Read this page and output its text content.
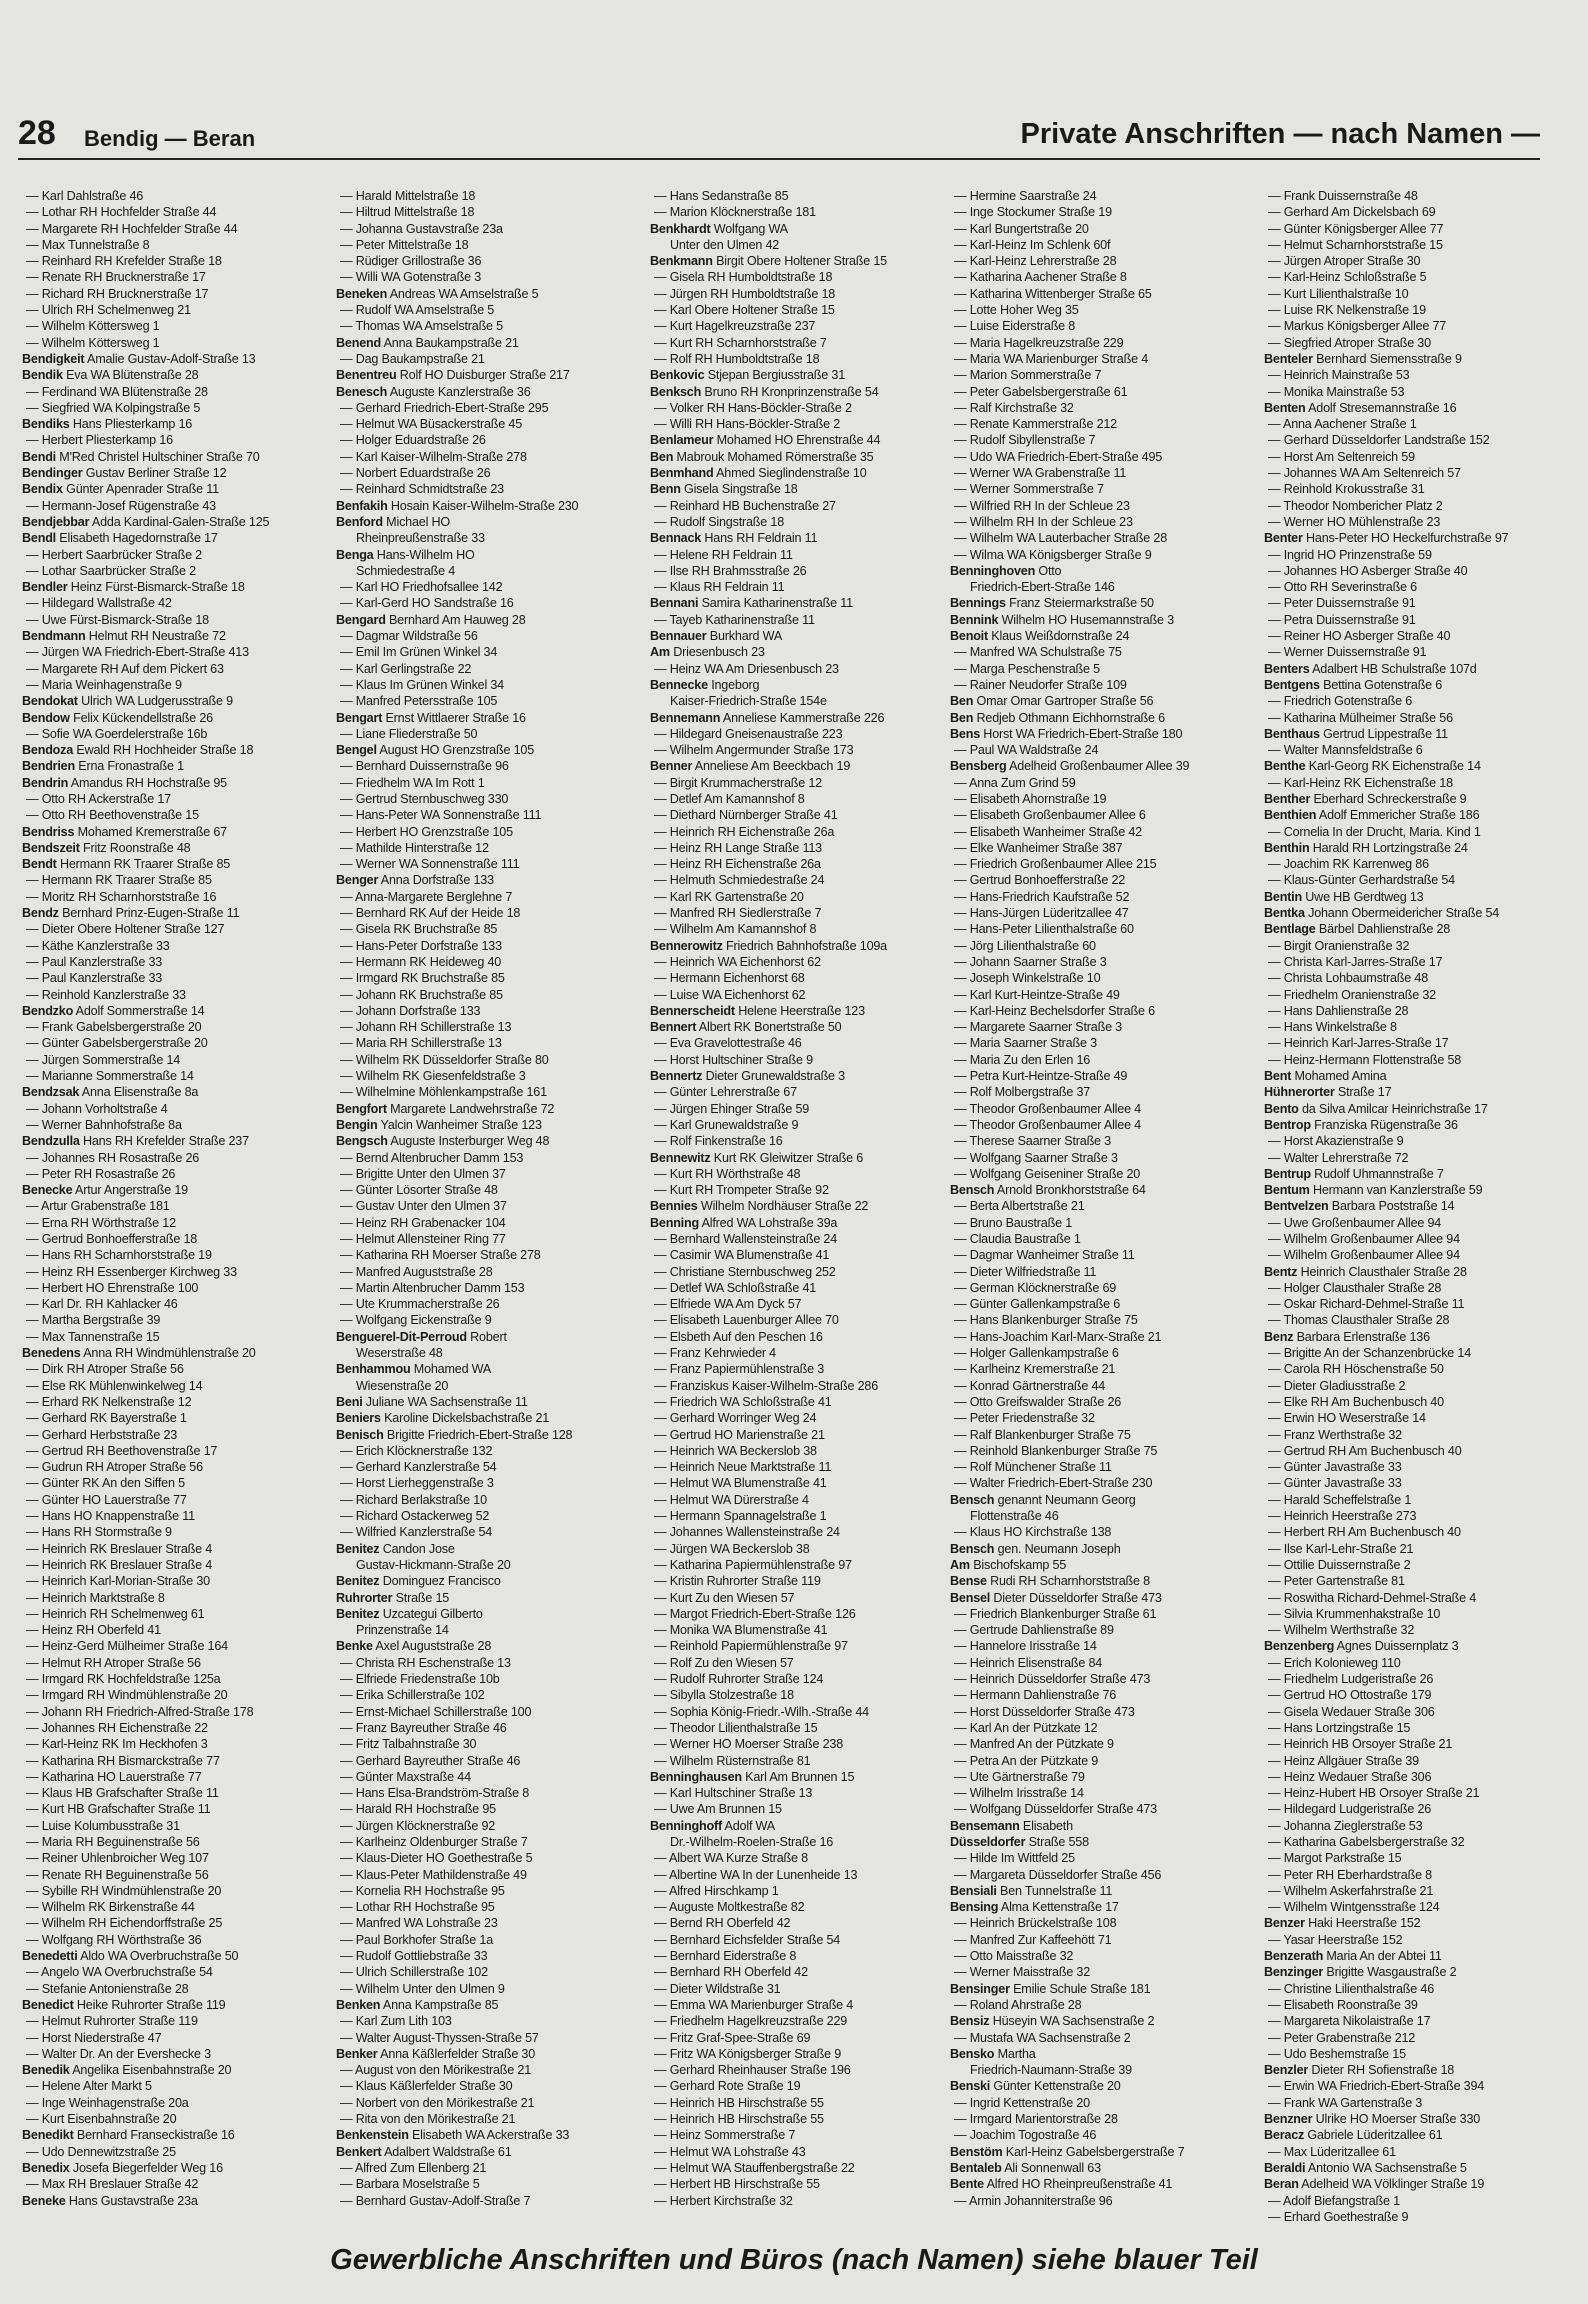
28 Bendig — Beran	Private Anschriften — nach Namen —
— Karl Dahlstraße 46
— Lothar RH Hochfelder Straße 44
— Margarete RH Hochfelder Straße 44
— Max Tunnelstraße 8
— Reinhard RH Krefelder Straße 18
— Renate RH Brucknerstraße 17
— Richard RH Brucknerstraße 17
— Ulrich RH Schelmenweg 21
— Wilhelm Köttersweg 1
— Wilhelm Köttersweg 1
Bendigkeit Amalie Gustav-Adolf-Straße 13
Bendik Eva WA Blütenstraße 28
— Ferdinand WA Blütenstraße 28
— Siegfried WA Kolpingstraße 5
Bendiks Hans Pliesterkamp 16
— Herbert Pliesterkamp 16
Bendi M'Red Christel Hultschiner Straße 70
Bendinger Gustav Berliner Straße 12
Bendix Günter Apenrader Straße 11
— Hermann-Josef Rügenstraße 43
Bendjebbar Adda Kardinal-Galen-Straße 125
Bendl Elisabeth Hagedornstraße 17
— Herbert Saarbrücker Straße 2
— Lothar Saarbrücker Straße 2
Bendler Heinz Fürst-Bismarck-Straße 18
— Hildegard Wallstraße 42
— Uwe Fürst-Bismarck-Straße 18
Bendmann Helmut RH Neustraße 72
— Jürgen WA Friedrich-Ebert-Straße 413
— Margarete RH Auf dem Pickert 63
— Maria Weinhagenstraße 9
Bendokat Ulrich WA Ludgerusstraße 9
Bendow Felix Kückendellstraße 26
— Sofie WA Goerdelerstraße 16b
Bendoza Ewald RH Hochheider Straße 18
Bendrien Erna Fronastraße 1
Bendrin Amandus RH Hochstraße 95
— Otto RH Ackerstraße 17
— Otto RH Beethovenstraße 15
Bendriss Mohamed Kremerstraße 67
Bendszeit Fritz Roonstraße 48
Bendt Hermann RK Traarer Straße 85
— Hermann RK Traarer Straße 85
— Moritz RH Scharnhorststraße 16
Bendz Bernhard Prinz-Eugen-Straße 11
— Dieter Obere Holtener Straße 127
— Käthe Kanzlerstraße 33
— Paul Kanzlerstraße 33
— Paul Kanzlerstraße 33
— Reinhold Kanzlerstraße 33
Bendzko Adolf Sommerstraße 14
— Frank Gabelsbergerstraße 20
— Günter Gabelsbergerstraße 20
— Jürgen Sommerstraße 14
— Marianne Sommerstraße 14
Bendzsak Anna Elisenstraße 8a
— Johann Vorholtstraße 4
— Werner Bahnhofstraße 8a
Bendzulla Hans RH Krefelder Straße 237
— Johannes RH Rosastraße 26
— Peter RH Rosastraße 26
Benecke Artur Angerstraße 19
— Artur Grabenstraße 181
— Erna RH Wörthstraße 12
— Gertrud Bonhoefferstraße 18
— Hans RH Scharnhorststraße 19
— Heinz RH Essenberger Kirchweg 33
— Herbert HO Ehrenstraße 100
— Karl Dr. RH Kahlacker 46
— Martha Bergstraße 39
— Max Tannenstraße 15
Benedens Anna RH Windmühlenstraße 20
— Dirk RH Atroper Straße 56
— Else RK Mühlenwinkelweg 14
— Erhard RK Nelkenstraße 12
— Gerhard RK Bayerstraße 1
— Gerhard Herbststraße 23
— Gertrud RH Beethovenstraße 17
— Gudrun RH Atroper Straße 56
— Günter RK An den Siffen 5
— Günter HO Lauerstraße 77
— Hans HO Knappenstraße 11
— Hans RH Stormstraße 9
— Heinrich RK Breslauer Straße 4
— Heinrich RK Breslauer Straße 4
— Heinrich Karl-Morian-Straße 30
— Heinrich Marktstraße 8
— Heinrich RH Schelmenweg 61
— Heinz RH Oberfeld 41
— Heinz-Gerd Mülheimer Straße 164
— Helmut RH Atroper Straße 56
— Irmgard RK Hochfeldstraße 125a
— Irmgard RH Windmühlenstraße 20
— Johann RH Friedrich-Alfred-Straße 178
— Johannes RH Eichenstraße 22
— Karl-Heinz RK Im Heckhofen 3
— Katharina RH Bismarckstraße 77
— Katharina HO Lauerstraße 77
— Klaus HB Grafschafter Straße 11
— Kurt HB Grafschafter Straße 11
— Luise Kolumbusstraße 31
— Maria RH Beguinenstraße 56
— Reiner Uhlenbroicher Weg 107
— Renate RH Beguinenstraße 56
— Sybille RH Windmühlenstraße 20
— Wilhelm RK Birkenstraße 44
— Wilhelm RH Eichendorffstraße 25
— Wolfgang RH Wörthstraße 36
Benedetti Aldo WA Overbruchstraße 50
— Angelo WA Overbruchstraße 54
— Stefanie Antonienstraße 28
Benedict Heike Ruhrorter Straße 119
— Helmut Ruhrorter Straße 119
— Horst Niederstraße 47
— Walter Dr. An der Evershecke 3
Benedik Angelika Eisenbahnstraße 20
— Helene Alter Markt 5
— Inge Weinhagenstraße 20a
— Kurt Eisenbahnstraße 20
Benedikt Bernhard Franseckistraße 16
— Udo Dennewitzstraße 25
Benedix Josefa Biegerfelder Weg 16
— Max RH Breslauer Straße 42
Beneke Hans Gustavstraße 23a
— Harald Mittelstraße 18
— Hiltrud Mittelstraße 18
— Johanna Gustavstraße 23a
— Peter Mittelstraße 18
— Rüdiger Grillostraße 36
— Willi WA Gotenstraße 3
Beneken Andreas WA Amselstraße 5
— Rudolf WA Amselstraße 5
— Thomas WA Amselstraße 5
Benend Anna Baukampstraße 21
— Dag Baukampstraße 21
Benentreu Rolf HO Duisburger Straße 217
Benesch Auguste Kanzlerstraße 36
— Gerhard Friedrich-Ebert-Straße 295
— Helmut WA Büsackerstraße 45
— Holger Eduardstraße 26
— Karl Kaiser-Wilhelm-Straße 278
— Norbert Eduardstraße 26
— Reinhard Schmidtstraße 23
Benfakih Hosain Kaiser-Wilhelm-Straße 230
Benford Michael HO
Rheinpreußenstraße 33
Benga Hans-Wilhelm HO
Schmiedestraße 4
— Karl HO Friedhofsallee 142
— Karl-Gerd HO Sandstraße 16
Bengard Bernhard Am Hauweg 28
— Dagmar Wildstraße 56
— Emil Im Grünen Winkel 34
— Karl Gerlingstraße 22
— Klaus Im Grünen Winkel 34
— Manfred Petersstraße 105
Bengart Ernst Wittlaerer Straße 16
— Liane Fliederstraße 50
Bengel August HO Grenzstraße 105
— Bernhard Duissernstraße 96
— Friedhelm WA Im Rott 1
— Gertrud Sternbuschweg 330
— Hans-Peter WA Sonnenstraße 111
— Herbert HO Grenzstraße 105
— Mathilde Hinterstraße 12
— Werner WA Sonnenstraße 111
Benger Anna Dorfstraße 133
— Anna-Margarete Berglehne 7
— Bernhard RK Auf der Heide 18
— Gisela RK Bruchstraße 85
— Hans-Peter Dorfstraße 133
— Hermann RK Heideweg 40
— Irmgard RK Bruchstraße 85
— Johann RK Bruchstraße 85
— Johann Dorfstraße 133
— Johann RH Schillerstraße 13
— Maria RH Schillerstraße 13
— Wilhelm RK Düsseldorfer Straße 80
— Wilhelm RK Giesenfeldstraße 3
— Wilhelmine Möhlenkampstraße 161
Bengfort Margarete Landwehrstraße 72
Bengin Yalcin Wanheimer Straße 123
Bengsch Auguste Insterburger Weg 48
— Bernd Altenbrucher Damm 153
— Brigitte Unter den Ulmen 37
— Günter Lösorter Straße 48
— Gustav Unter den Ulmen 37
— Heinz RH Grabenacker 104
— Helmut Allensteiner Ring 77
— Katharina RH Moerser Straße 278
— Manfred Auguststraße 28
— Martin Altenbrucher Damm 153
— Ute Krummacherstraße 26
— Wolfgang Eickenstraße 9
Benguerel-Dit-Perroud Robert
Weserstraße 48
Benhammou Mohamed WA
Wiesenstraße 20
Beni Juliane WA Sachsenstraße 11
Beniers Karoline Dickelsbachstraße 21
Benisch Brigitte Friedrich-Ebert-Straße 128
— Erich Klöcknerstraße 132
— Gerhard Kanzlerstraße 54
— Horst Lierheggenstraße 3
— Richard Berlakstraße 10
— Richard Ostackerweg 52
— Wilfried Kanzlerstraße 54
Benitez Candon Jose
Gustav-Hickmann-Straße 20
Benitez Dominguez Francisco
Ruhrorter Straße 15
Benitez Uzcategui Gilberto
Prinzenstraße 14
Benke Axel Auguststraße 28
— Christa RH Eschenstraße 13
— Elfriede Friedenstraße 10b
— Erika Schillerstraße 102
— Ernst-Michael Schillerstraße 100
— Franz Bayreuther Straße 46
— Fritz Talbahnstraße 30
— Gerhard Bayreuther Straße 46
— Günter Maxstraße 44
— Hans Elsa-Brandström-Straße 8
— Harald RH Hochstraße 95
— Jürgen Klöcknerstraße 92
— Karlheinz Oldenburger Straße 7
— Klaus-Dieter HO Goethestraße 5
— Klaus-Peter Mathildenstraße 49
— Kornelia RH Hochstraße 95
— Lothar RH Hochstraße 95
— Manfred WA Lohstraße 23
— Paul Borkhofer Straße 1a
— Rudolf Gottliebstraße 33
— Ulrich Schillerstraße 102
— Wilhelm Unter den Ulmen 9
Benken Anna Kampstraße 85
— Karl Zum Lith 103
— Walter August-Thyssen-Straße 57
Benker Anna Käßlerfelder Straße 30
— August von den Mörikestraße 21
— Klaus Käßlerfelder Straße 30
— Norbert von den Mörikestraße 21
— Rita von den Mörikestraße 21
Benkenstein Elisabeth WA Ackerstraße 33
Benkert Adalbert Waldstraße 61
— Alfred Zum Ellenberg 21
— Barbara Moselstraße 5
— Bernhard Gustav-Adolf-Straße 7
— Hans Sedanstraße 85
— Marion Klöcknerstraße 181
Benkhardt Wolfgang WA
Unter den Ulmen 42
Benkmann Birgit Obere Holtener Straße 15
— Gisela RH Humboldtstraße 18
— Jürgen RH Humboldtstraße 18
— Karl Obere Holtener Straße 15
— Kurt Hagelkreuzstraße 237
— Kurt RH Scharnhorststraße 7
— Rolf RH Humboldtstraße 18
Benkovic Stjepan Bergiusstraße 31
Benksch Bruno RH Kronprinzenstraße 54
— Volker RH Hans-Böckler-Straße 2
— Willi RH Hans-Böckler-Straße 2
Benlameur Mohamed HO Ehrenstraße 44
Ben Mabrouk Mohamed Römerstraße 35
Benmhand Ahmed Sieglindenstraße 10
Benn Gisela Singstraße 18
— Reinhard HB Buchenstraße 27
— Rudolf Singstraße 18
Bennack Hans RH Feldrain 11
— Helene RH Feldrain 11
— Ilse RH Brahmsstraße 26
— Klaus RH Feldrain 11
Bennani Samira Katharinenstraße 11
— Tayeb Katharinenstraße 11
Bennauer Burkhard WA
Am Driesenbusch 23
— Heinz WA Am Driesenbusch 23
Bennecke Ingeborg
Kaiser-Friedrich-Straße 154e
Bennemann Anneliese Kammerstraße 226
— Hildegard Gneisenaustraße 223
— Wilhelm Angermunder Straße 173
Benner Anneliese Am Beeckbach 19
— Birgit Krummacherstraße 12
— Detlef Am Kamannshof 8
— Diethard Nürnberger Straße 41
— Heinrich RH Eichenstraße 26a
— Heinz RH Lange Straße 113
— Heinz RH Eichenstraße 26a
— Helmuth Schmiedestraße 24
— Karl RK Gartenstraße 20
— Manfred RH Siedlerstraße 7
— Wilhelm Am Kamannshof 8
Bennerowitz Friedrich Bahnhofstraße 109a
— Heinrich WA Eichenhorst 62
— Hermann Eichenhorst 68
— Luise WA Eichenhorst 62
Bennerscheidt Helene Heerstraße 123
Bennert Albert RK Bonertstraße 50
— Eva Gravelottestraße 46
— Horst Hultschiner Straße 9
Bennertz Dieter Grunewaldstraße 3
— Günter Lehrerstraße 67
— Jürgen Ehinger Straße 59
— Karl Grunewaldstraße 9
— Rolf Finkenstraße 16
Bennewitz Kurt RK Gleiwitzer Straße 6
— Kurt RH Wörthstraße 48
— Kurt RH Trompeter Straße 92
Bennies Wilhelm Nordhäuser Straße 22
Benning Alfred WA Lohstraße 39a
— Bernhard Wallensteinstraße 24
— Casimir WA Blumenstraße 41
— Christiane Sternbuschweg 252
— Detlef WA Schloßstraße 41
— Elfriede WA Am Dyck 57
— Elisabeth Lauenburger Allee 70
— Elsbeth Auf den Peschen 16
— Franz Kehrwieder 4
— Franz Papiermühlenstraße 3
— Franziskus Kaiser-Wilhelm-Straße 286
— Friedrich WA Schloßstraße 41
— Gerhard Worringer Weg 24
— Gertrud HO Marienstraße 21
— Heinrich WA Beckerslob 38
— Heinrich Neue Marktstraße 11
— Helmut WA Blumenstraße 41
— Helmut WA Dürerstraße 4
— Hermann Spannagelstraße 1
— Johannes Wallensteinstraße 24
— Jürgen WA Beckerslob 38
— Katharina Papiermühlenstraße 97
— Kristin Ruhrorter Straße 119
— Kurt Zu den Wiesen 57
— Margot Friedrich-Ebert-Straße 126
— Monika WA Blumenstraße 41
— Reinhold Papiermühlenstraße 97
— Rolf Zu den Wiesen 57
— Rudolf Ruhrorter Straße 124
— Sibylla Stolzestraße 18
— Sophia König-Friedr.-Wilh.-Straße 44
— Theodor Lilienthalstraße 15
— Werner HO Moerser Straße 238
— Wilhelm Rüsternstraße 81
Benninghausen Karl Am Brunnen 15
— Karl Hultschiner Straße 13
— Uwe Am Brunnen 15
Benninghoff Adolf WA
Dr.-Wilhelm-Roelen-Straße 16
— Albert WA Kurze Straße 8
— Albertine WA In der Lunenheide 13
— Alfred Hirschkamp 1
— Auguste Moltkestraße 82
— Bernd RH Oberfeld 42
— Bernhard Eichsfelder Straße 54
— Bernhard Eiderstraße 8
— Bernhard RH Oberfeld 42
— Dieter Wildstraße 31
— Emma WA Marienburger Straße 4
— Friedhelm Hagelkreuzstraße 229
— Fritz Graf-Spee-Straße 69
— Fritz WA Königsberger Straße 9
— Gerhard Rheinhauser Straße 196
— Gerhard Rote Straße 19
— Heinrich HB Hirschstraße 55
— Heinrich HB Hirschstraße 55
— Heinz Sommerstraße 7
— Helmut WA Lohstraße 43
— Helmut WA Stauffenbergstraße 22
— Herbert HB Hirschstraße 55
— Herbert Kirchstraße 32
— Hermine Saarstraße 24
— Inge Stockumer Straße 19
— Karl Bungertstraße 20
— Karl-Heinz Im Schlenk 60f
— Karl-Heinz Lehrerstraße 28
— Katharina Aachener Straße 8
— Katharina Wittenberger Straße 65
— Lotte Hoher Weg 35
— Luise Eiderstraße 8
— Maria Hagelkreuzstraße 229
— Maria WA Marienburger Straße 4
— Marion Sommerstraße 7
— Peter Gabelsbergerstraße 61
— Ralf Kirchstraße 32
— Renate Kammerstraße 212
— Rudolf Sibyllenstraße 7
— Udo WA Friedrich-Ebert-Straße 495
— Werner WA Grabenstraße 11
— Werner Sommerstraße 7
— Wilfried RH In der Schleue 23
— Wilhelm RH In der Schleue 23
— Wilhelm WA Lauterbacher Straße 28
— Wilma WA Königsberger Straße 9
Benninghoven Otto
Friedrich-Ebert-Straße 146
Bennings Franz Steiermarkstraße 50
Bennink Wilhelm HO Husemannstraße 3
Benoit Klaus Weißdornstraße 24
— Manfred WA Schulstraße 75
— Marga Peschenstraße 5
— Rainer Neudorfer Straße 109
Ben Omar Omar Gartroper Straße 56
Ben Redjeb Othmann Eichhornstraße 6
Bens Horst WA Friedrich-Ebert-Straße 180
— Paul WA Waldstraße 24
Bensberg Adelheid Großenbaumer Allee 39
— Anna Zum Grind 59
— Elisabeth Ahornstraße 19
— Elisabeth Großenbaumer Allee 6
— Elisabeth Wanheimer Straße 42
— Elke Wanheimer Straße 387
— Friedrich Großenbaumer Allee 215
— Gertrud Bonhoefferstraße 22
— Hans-Friedrich Kaufstraße 52
— Hans-Jürgen Lüderitzallee 47
— Hans-Peter Lilienthalstraße 60
— Jörg Lilienthalstraße 60
— Johann Saarner Straße 3
— Joseph Winkelstraße 10
— Karl Kurt-Heintze-Straße 49
— Karl-Heinz Bechelsdorfer Straße 6
— Margarete Saarner Straße 3
— Maria Saarner Straße 3
— Maria Zu den Erlen 16
— Petra Kurt-Heintze-Straße 49
— Rolf Molbergstraße 37
— Theodor Großenbaumer Allee 4
— Theodor Großenbaumer Allee 4
— Therese Saarner Straße 3
— Wolfgang Saarner Straße 3
— Wolfgang Geiseniner Straße 20
Bensch Arnold Bronkhorststraße 64
— Berta Albertstraße 21
— Bruno Baustraße 1
— Claudia Baustraße 1
— Dagmar Wanheimer Straße 11
— Dieter Wilfriedstraße 11
— German Klöcknerstraße 69
— Günter Gallenkampstraße 6
— Hans Blankenburger Straße 75
— Hans-Joachim Karl-Marx-Straße 21
— Holger Gallenkampstraße 6
— Karlheinz Kremerstraße 21
— Konrad Gärtnerstraße 44
— Otto Greifswalder Straße 26
— Peter Friedenstraße 32
— Ralf Blankenburger Straße 75
— Reinhold Blankenburger Straße 75
— Rolf Münchener Straße 11
— Walter Friedrich-Ebert-Straße 230
Bensch genannt Neumann Georg
Flottenstraße 46
— Klaus HO Kirchstraße 138
Bensch gen. Neumann Joseph
Am Bischofskamp 55
Bense Rudi RH Scharnhorststraße 8
Bensel Dieter Düsseldorfer Straße 473
— Friedrich Blankenburger Straße 61
— Gertrude Dahlienstraße 89
— Hannelore Irisstraße 14
— Heinrich Elisenstraße 84
— Heinrich Düsseldorfer Straße 473
— Hermann Dahlienstraße 76
— Horst Düsseldorfer Straße 473
— Karl An der Pützkate 12
— Manfred An der Pützkate 9
— Petra An der Pützkate 9
— Ute Gärtnerstraße 79
— Wilhelm Irisstraße 14
— Wolfgang Düsseldorfer Straße 473
Bensemann Elisabeth
Düsseldorfer Straße 558
— Hilde Im Wittfeld 25
— Margareta Düsseldorfer Straße 456
Bensiali Ben Tunnelstraße 11
Bensing Alma Kettenstraße 17
— Heinrich Brückelstraße 108
— Manfred Zur Kaffeehött 71
— Otto Maisstraße 32
— Werner Maisstraße 32
Bensinger Emilie Schule Straße 181
— Roland Ahrstraße 28
Bensiz Hüseyin WA Sachsenstraße 2
— Mustafa WA Sachsenstraße 2
Bensko Martha
Friedrich-Naumann-Straße 39
Benski Günter Kettenstraße 20
— Ingrid Kettenstraße 20
— Irmgard Marientorstraße 28
— Joachim Togostraße 46
Benstöm Karl-Heinz Gabelsbergerstraße 7
Bentaleb Ali Sonnenwall 63
Bente Alfred HO Rheinpreußenstraße 41
— Armin Johanniterstraße 96
— Frank Duissernstraße 48
— Gerhard Am Dickelsbach 69
— Günter Königsberger Allee 77
— Helmut Scharnhorststraße 15
— Jürgen Atroper Straße 30
— Karl-Heinz Schloßstraße 5
— Kurt Lilienthalstraße 10
— Luise RK Nelkenstraße 19
— Markus Königsberger Allee 77
— Siegfried Atroper Straße 30
Benteler Bernhard Siemensstraße 9
— Heinrich Mainstraße 53
— Monika Mainstraße 53
Benten Adolf Stresemannstraße 16
— Anna Aachener Straße 1
— Gerhard Düsseldorfer Landstraße 152
— Horst Am Seltenreich 59
— Johannes WA Am Seltenreich 57
— Reinhold Krokusstraße 31
— Theodor Nombericher Platz 2
— Werner HO Mühlenstraße 23
Benter Hans-Peter HO Heckelfurchstraße 97
— Ingrid HO Prinzenstraße 59
— Johannes HO Asberger Straße 40
— Otto RH Severinstraße 6
— Peter Duissernstraße 91
— Petra Duissernstraße 91
— Reiner HO Asberger Straße 40
— Werner Duissernstraße 91
Benters Adalbert HB Schulstraße 107d
Bentgens Bettina Gotenstraße 6
— Friedrich Gotenstraße 6
— Katharina Mülheimer Straße 56
Benthaus Gertrud Lippestraße 11
— Walter Mannsfeldstraße 6
Benthe Karl-Georg RK Eichenstraße 14
— Karl-Heinz RK Eichenstraße 18
Benther Eberhard Schreckerstraße 9
Benthien Adolf Emmericher Straße 186
— Cornelia In der Drucht, Maria. Kind 1
Benthin Harald RH Lortzingstraße 24
— Joachim RK Karrenweg 86
— Klaus-Günter Gerhardstraße 54
Bentin Uwe HB Gerdtweg 13
Bentka Johann Obermeidericher Straße 54
Bentlage Bärbel Dahlienstraße 28
— Birgit Oranienstraße 32
— Christa Karl-Jarres-Straße 17
— Christa Lohbaumstraße 48
— Friedhelm Oranienstraße 32
— Hans Dahlienstraße 28
— Hans Winkelstraße 8
— Heinrich Karl-Jarres-Straße 17
— Heinz-Hermann Flottenstraße 58
Bent Mohamed Amina
Hühnerorter Straße 17
Bento da Silva Amilcar Heinrichstraße 17
Bentrop Franziska Rügenstraße 36
— Horst Akazienstraße 9
— Walter Lehrerstraße 72
Bentrup Rudolf Uhmannstraße 7
Bentum Hermann van Kanzlerstraße 59
Bentvelzen Barbara Poststraße 14
— Uwe Großenbaumer Allee 94
— Wilhelm Großenbaumer Allee 94
— Wilhelm Großenbaumer Allee 94
Bentz Heinrich Clausthaler Straße 28
— Holger Clausthaler Straße 28
— Oskar Richard-Dehmel-Straße 11
— Thomas Clausthaler Straße 28
Benz Barbara Erlenstraße 136
— Brigitte An der Schanzenbrücke 14
— Carola RH Höschenstraße 50
— Dieter Gladiusstraße 2
— Elke RH Am Buchenbusch 40
— Erwin HO Weserstraße 14
— Franz Werthstraße 32
— Gertrud RH Am Buchenbusch 40
— Günter Javastraße 33
— Günter Javastraße 33
— Harald Scheffelstraße 1
— Heinrich Heerstraße 273
— Herbert RH Am Buchenbusch 40
— Ilse Karl-Lehr-Straße 21
— Ottilie Duissernstraße 2
— Peter Gartenstraße 81
— Roswitha Richard-Dehmel-Straße 4
— Silvia Krummenhakstraße 10
— Wilhelm Werthstraße 32
Benzenberg Agnes Duissernplatz 3
— Erich Kolonieweg 110
— Friedhelm Ludgeristraße 26
— Gertrud HO Ottostraße 179
— Gisela Wedauer Straße 306
— Hans Lortzingstraße 15
— Heinrich HB Orsoyer Straße 21
— Heinz Allgäuer Straße 39
— Heinz Wedauer Straße 306
— Heinz-Hubert HB Orsoyer Straße 21
— Hildegard Ludgeristraße 26
— Johanna Zieglerstraße 53
— Katharina Gabelsbergerstraße 32
— Margot Parkstraße 15
— Peter RH Eberhardstraße 8
— Wilhelm Askerfahrstraße 21
— Wilhelm Wintgensstraße 124
Benzer Haki Heerstraße 152
— Yasar Heerstraße 152
Benzerath Maria An der Abtei 11
Benzinger Brigitte Wasgaustraße 2
— Christine Lilienthalstraße 46
— Elisabeth Roonstraße 39
— Margareta Nikolaistraße 17
— Peter Grabenstraße 212
— Udo Beshemstraße 15
Benzler Dieter RH Sofienstraße 18
— Erwin WA Friedrich-Ebert-Straße 394
— Frank WA Gartenstraße 3
Benzner Ulrike HO Moerser Straße 330
Beracz Gabriele Lüderitzallee 61
— Max Lüderitzallee 61
Beraldi Antonio WA Sachsenstraße 5
Beran Adelheid WA Völklinger Straße 19
— Adolf Biefangstraße 1
— Erhard Goethestraße 9
Gewerbliche Anschriften und Büros (nach Namen) siehe blauer Teil
